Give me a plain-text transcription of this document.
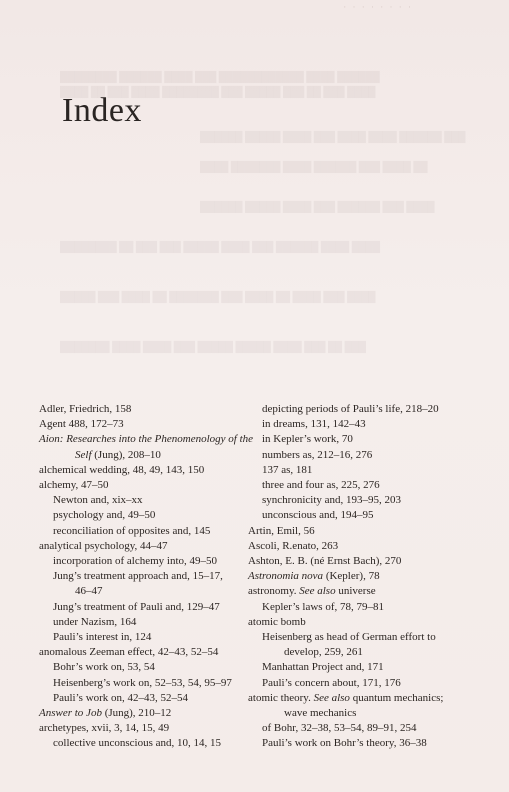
· · · · · · · ·
████████ ██████ ████ ███ ████████████ ████ ██████
████ ██ ███ ████ ████████ ███ █████ ███ ██ ███ ████
██████ █████ ████ ███ ████ ████ ██████ ███
████ ███████ ████ ██████ ███ ████ ██
██████ █████ ████ ███ ██████ ███ ████
████████ ██ ███ ███ █████ ████ ███ ██████ ████ ████
█████ ███ ████ ██ ███████ ███ ████ ██ ████ ███ ████
███████ ████ ████ ███ █████ █████ ████ ███ ██ ███
Index
Adler, Friedrich, 158
Agent 488, 172–73
Aion: Researches into the Phenomenology of the
Self (Jung), 208–10
alchemical wedding, 48, 49, 143, 150
alchemy, 47–50
Newton and, xix–xx
psychology and, 49–50
reconciliation of opposites and, 145
analytical psychology, 44–47
incorporation of alchemy into, 49–50
Jung’s treatment approach and, 15–17,
46–47
Jung’s treatment of Pauli and, 129–47
under Nazism, 164
Pauli’s interest in, 124
anomalous Zeeman effect, 42–43, 52–54
Bohr’s work on, 53, 54
Heisenberg’s work on, 52–53, 54, 95–97
Pauli’s work on, 42–43, 52–54
Answer to Job (Jung), 210–12
archetypes, xvii, 3, 14, 15, 49
collective unconscious and, 10, 14, 15
depicting periods of Pauli’s life, 218–20
in dreams, 131, 142–43
in Kepler’s work, 70
numbers as, 212–16, 276
137 as, 181
three and four as, 225, 276
synchronicity and, 193–95, 203
unconscious and, 194–95
Artin, Emil, 56
Ascoli, R.enato, 263
Ashton, E. B. (né Ernst Bach), 270
Astronomia nova (Kepler), 78
astronomy. See also universe
Kepler’s laws of, 78, 79–81
atomic bomb
Heisenberg as head of German effort to
develop, 259, 261
Manhattan Project and, 171
Pauli’s concern about, 171, 176
atomic theory. See also quantum mechanics;
wave mechanics
of Bohr, 32–38, 53–54, 89–91, 254
Pauli’s work on Bohr’s theory, 36–38
